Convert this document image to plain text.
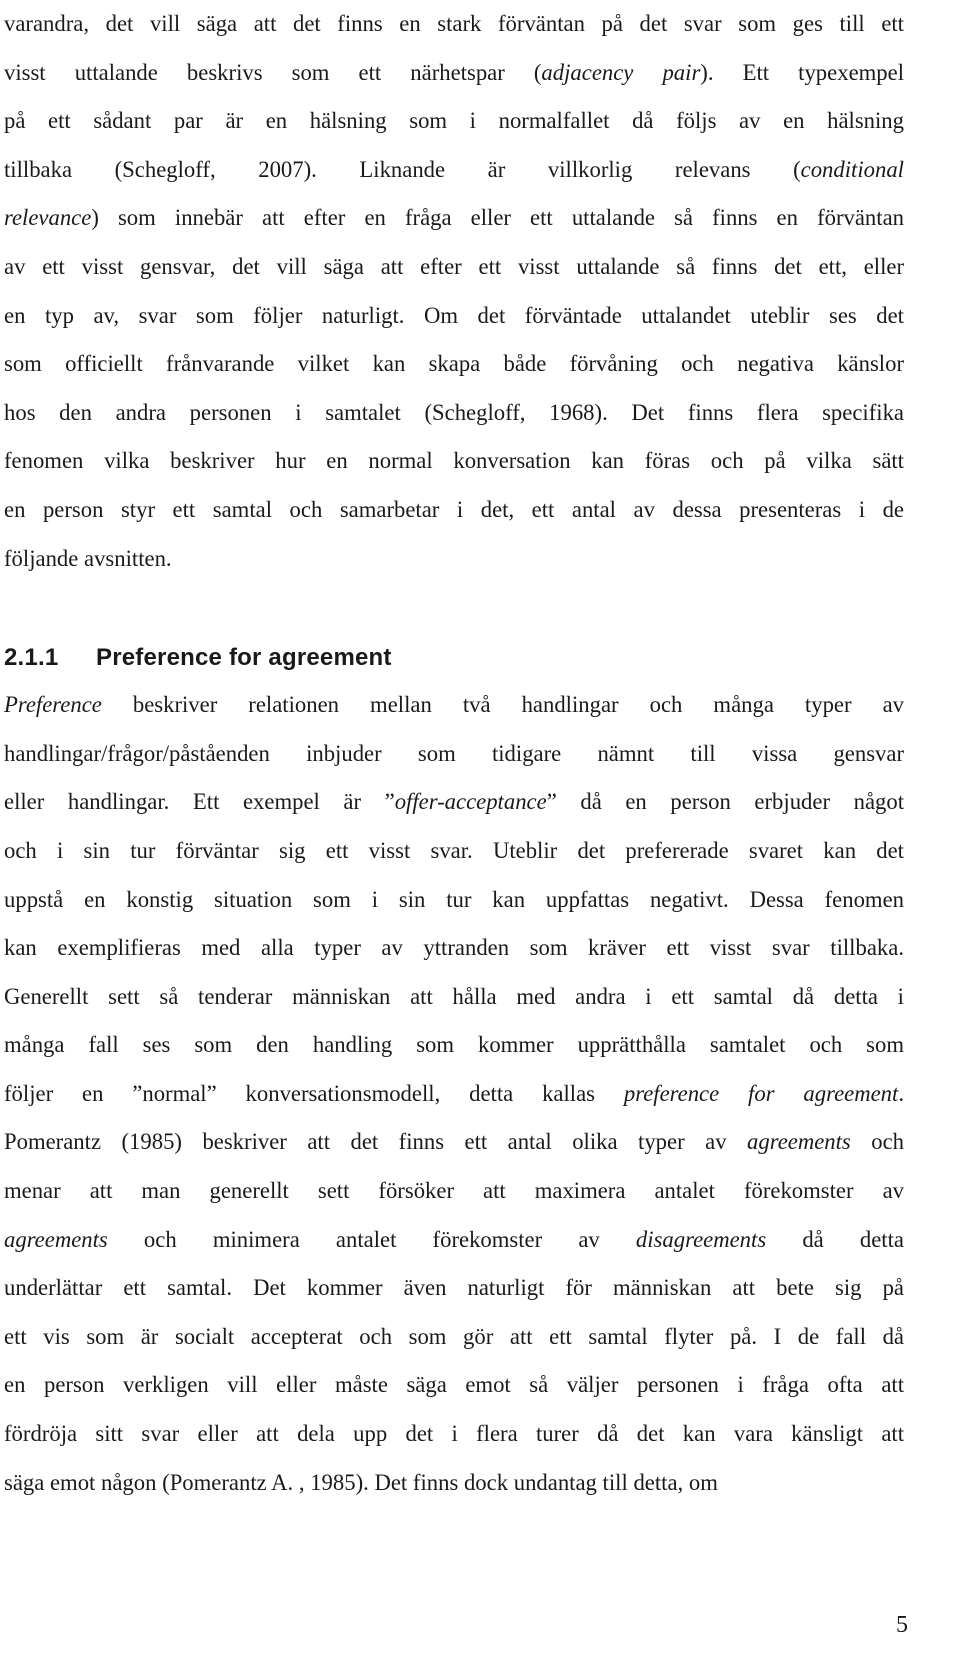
varandra, det vill säga att det finns en stark förväntan på det svar som ges till ett
visst uttalande beskrivs som ett närhetspar (adjacency pair). Ett typexempel
på ett sådant par är en hälsning som i normalfallet då följs av en hälsning
tillbaka (Schegloff, 2007). Liknande är villkorlig relevans (conditional
relevance) som innebär att efter en fråga eller ett uttalande så finns en förväntan
av ett visst gensvar, det vill säga att efter ett visst uttalande så finns det ett, eller
en typ av, svar som följer naturligt. Om det förväntade uttalandet uteblir ses det
som officiellt frånvarande vilket kan skapa både förvåning och negativa känslor
hos den andra personen i samtalet (Schegloff, 1968). Det finns flera specifika
fenomen vilka beskriver hur en normal konversation kan föras och på vilka sätt
en person styr ett samtal och samarbetar i det, ett antal av dessa presenteras i de
följande avsnitten.
2.1.1 Preference for agreement
Preference beskriver relationen mellan två handlingar och många typer av
handlingar/frågor/påståenden inbjuder som tidigare nämnt till vissa gensvar
eller handlingar. Ett exempel är ”offer-acceptance” då en person erbjuder något
och i sin tur förväntar sig ett visst svar. Uteblir det prefererade svaret kan det
uppstå en konstig situation som i sin tur kan uppfattas negativt. Dessa fenomen
kan exemplifieras med alla typer av yttranden som kräver ett visst svar tillbaka.
Generellt sett så tenderar människan att hålla med andra i ett samtal då detta i
många fall ses som den handling som kommer upprätthålla samtalet och som
följer en ”normal” konversationsmodell, detta kallas preference for agreement.
Pomerantz (1985) beskriver att det finns ett antal olika typer av agreements och
menar att man generellt sett försöker att maximera antalet förekomster av
agreements och minimera antalet förekomster av disagreements då detta
underlättar ett samtal. Det kommer även naturligt för människan att bete sig på
ett vis som är socialt accepterat och som gör att ett samtal flyter på. I de fall då
en person verkligen vill eller måste säga emot så väljer personen i fråga ofta att
fördröja sitt svar eller att dela upp det i flera turer då det kan vara känsligt att
säga emot någon (Pomerantz A. , 1985). Det finns dock undantag till detta, om
5
